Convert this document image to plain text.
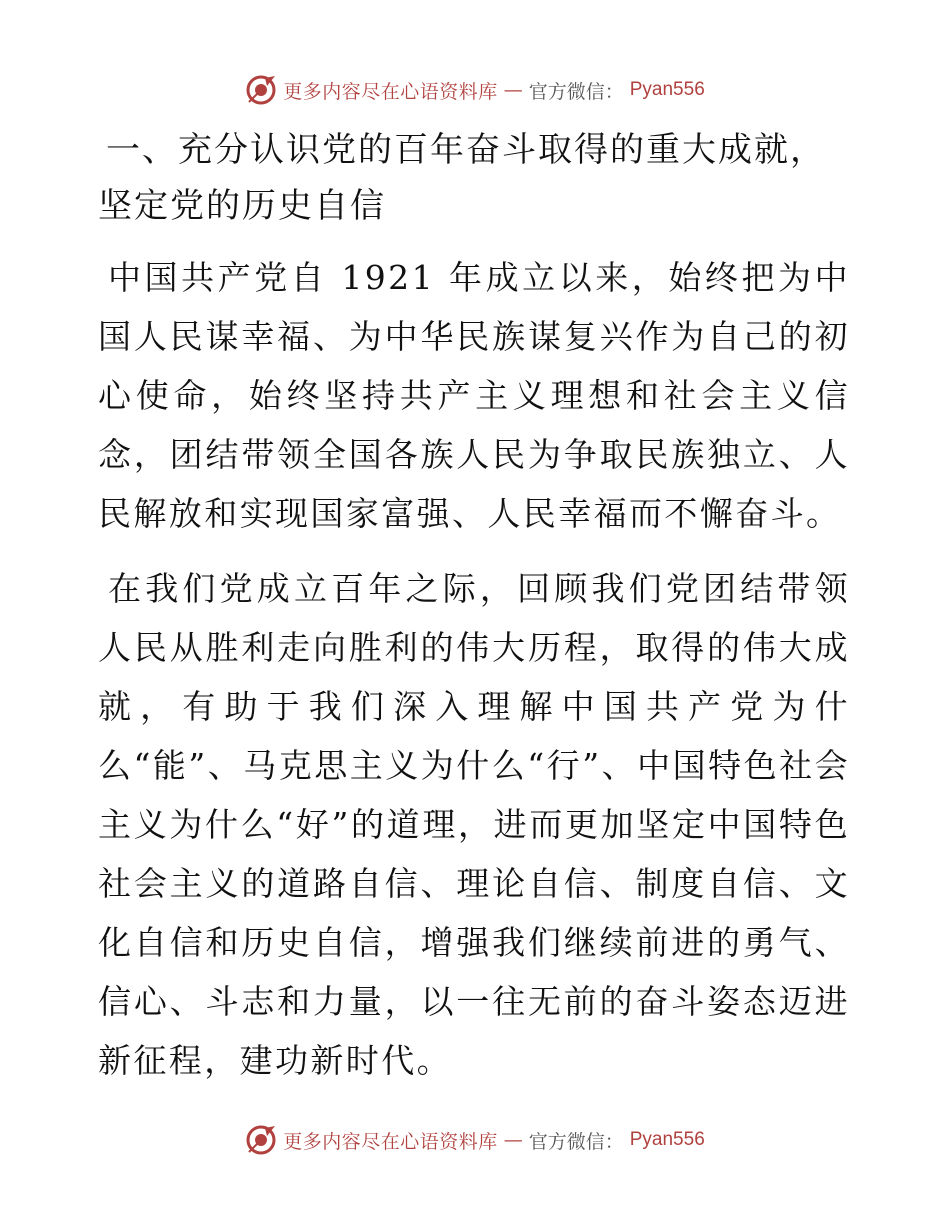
更多内容尽在心语资料库 — 官方微信： Pyan556
一、充分认识党的百年奋斗取得的重大成就，坚定党的历史自信

中国共产党自 1921 年成立以来，始终把为中国人民谋幸福、为中华民族谋复兴作为自己的初心使命，始终坚持共产主义理想和社会主义信念，团结带领全国各族人民为争取民族独立、人民解放和实现国家富强、人民幸福而不懈奋斗。

在我们党成立百年之际，回顾我们党团结带领人民从胜利走向胜利的伟大历程，取得的伟大成就，有助于我们深入理解中国共产党为什么“能”、马克思主义为什么“行”、中国特色社会主义为什么“好”的道理，进而更加坚定中国特色社会主义的道路自信、理论自信、制度自信、文化自信和历史自信，增强我们继续前进的勇气、信心、斗志和力量，以一往无前的奋斗姿态迈进新征程，建功新时代。

更多内容尽在心语资料库 — 官方微信： Pyan556
